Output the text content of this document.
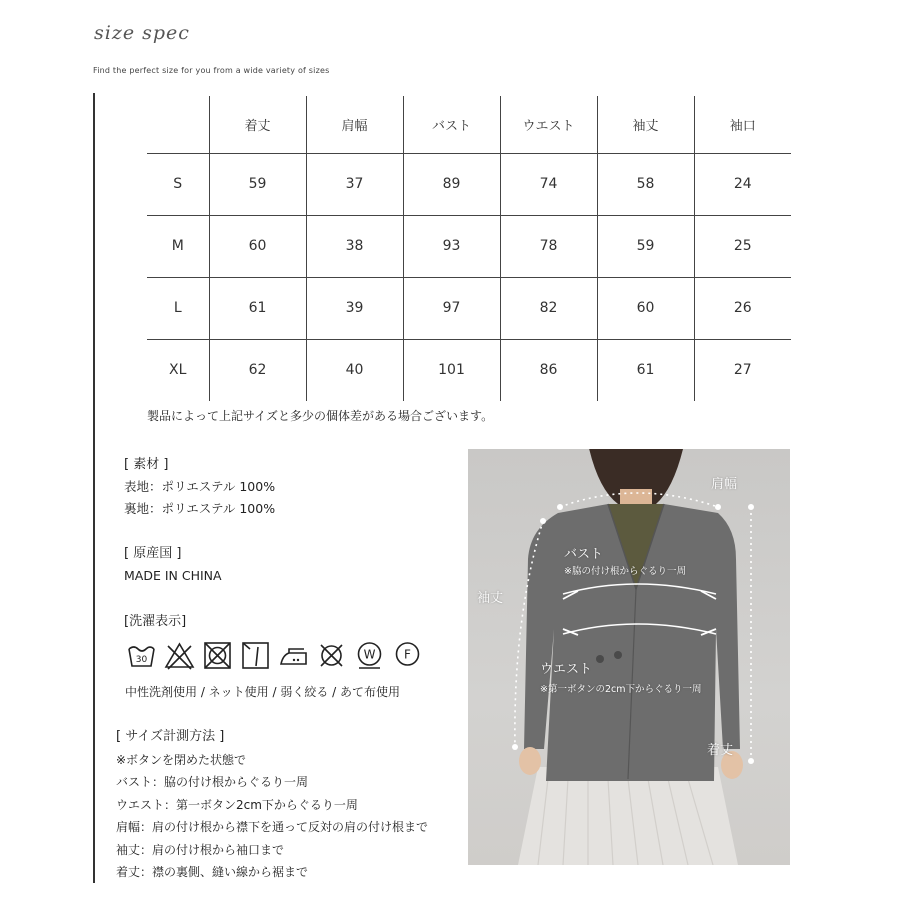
size spec
Find the perfect size for you from a wide variety of sizes
	着丈	肩幅	バスト	ウエスト	袖丈	袖口
S	59	37	89	74	58	24
M	60	38	93	78	59	25
L	61	39	97	82	60	26
XL	62	40	101	86	61	27
製品によって上記サイズと多少の個体差がある場合ございます。
[ 素材 ]
表地：ポリエステル 100%
裏地：ポリエステル 100%
[ 原産国 ]
MADE IN CHINA
[洗濯表示]
30	W F
中性洗剤使用 / ネット使用 / 弱く絞る / あて布使用
[ サイズ計測方法 ]
※ボタンを閉めた状態で
バスト：脇の付け根からぐるり一周
ウエスト：第一ボタン2cm下からぐるり一周
肩幅：肩の付け根から襟下を通って反対の肩の付け根まで
袖丈：肩の付け根から袖口まで
着丈：襟の裏側、縫い線から裾まで
肩幅
バスト
※脇の付け根からぐるり一周
袖丈
ウエスト
※第一ボタンの2cm下からぐるり一周
着丈
